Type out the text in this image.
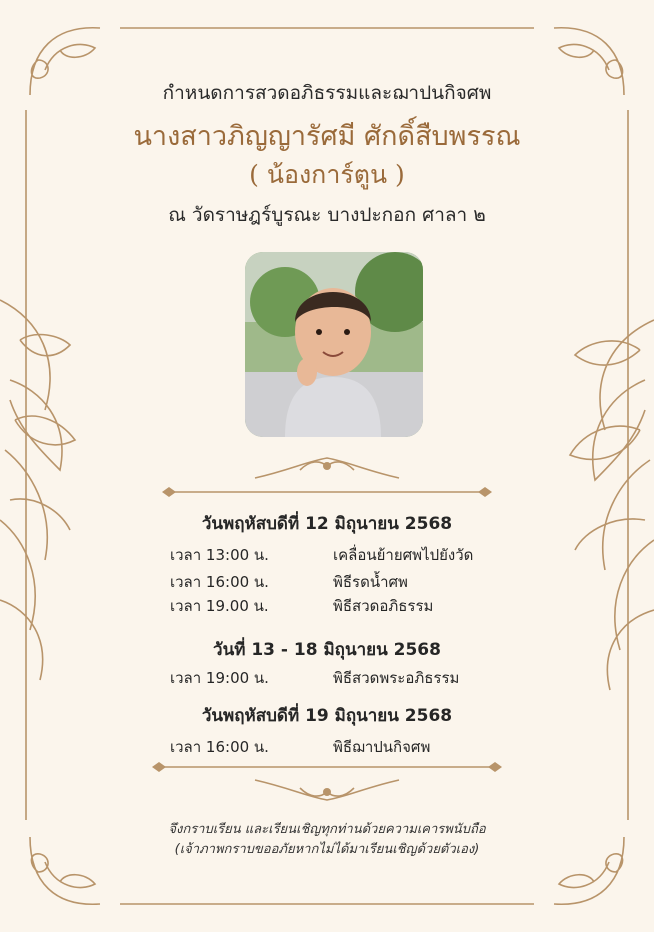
กำหนดการสวดอภิธรรมและฌาปนกิจศพ
นางสาวภิญญารัศมี ศักดิ์สืบพรรณ
( น้องการ์ตูน )
ณ วัดราษฎร์บูรณะ บางปะกอก ศาลา ๒
วันพฤหัสบดีที่ 12 มิถุนายน 2568
เวลา 13:00 น.	เคลื่อนย้ายศพไปยังวัด
เวลา 16:00 น.	พิธีรดน้ำศพ
เวลา 19.00 น.	พิธีสวดอภิธรรม
วันที่ 13 - 18 มิถุนายน 2568
เวลา 19:00 น.	พิธีสวดพระอภิธรรม
วันพฤหัสบดีที่ 19 มิถุนายน 2568
เวลา 16:00 น.	พิธีฌาปนกิจศพ
จึงกราบเรียน และเรียนเชิญทุกท่านด้วยความเคารพนับถือ
(เจ้าภาพกราบขออภัยหากไม่ได้มาเรียนเชิญด้วยตัวเอง)
